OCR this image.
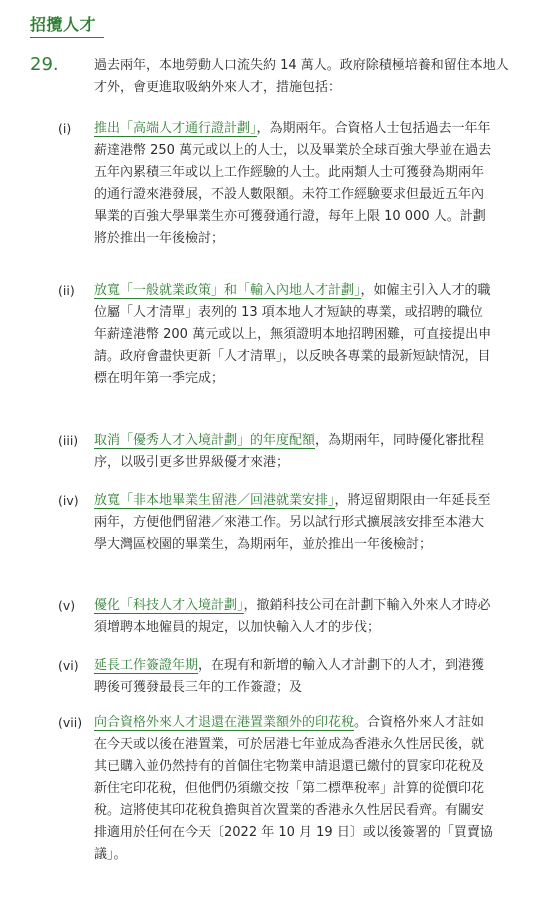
招攬人才
29.	過去兩年，本地勞動人口流失約 14 萬人。政府除積極培養和留住本地人才外，會更進取吸納外來人才，措施包括：
(i)	推出「高端人才通行證計劃」，為期兩年。合資格人士包括過去一年年薪達港幣 250 萬元或以上的人士，以及畢業於全球百強大學並在過去五年內累積三年或以上工作經驗的人士。此兩類人士可獲發為期兩年的通行證來港發展，不設人數限額。未符工作經驗要求但最近五年內畢業的百強大學畢業生亦可獲發通行證，每年上限 10 000 人。計劃將於推出一年後檢討；
(ii)	放寬「一般就業政策」和「輸入內地人才計劃」，如僱主引入人才的職位屬「人才清單」表列的 13 項本地人才短缺的專業，或招聘的職位年薪達港幣 200 萬元或以上，無須證明本地招聘困難，可直接提出申請。政府會盡快更新「人才清單」，以反映各專業的最新短缺情況，目標在明年第一季完成；
(iii)	取消「優秀人才入境計劃」的年度配額，為期兩年，同時優化審批程序，以吸引更多世界級優才來港；
(iv)	放寬「非本地畢業生留港／回港就業安排」，將逗留期限由一年延長至兩年，方便他們留港／來港工作。另以試行形式擴展該安排至本港大學大灣區校園的畢業生，為期兩年，並於推出一年後檢討；
(v)	優化「科技人才入境計劃」，撤銷科技公司在計劃下輸入外來人才時必須增聘本地僱員的規定，以加快輸入人才的步伐；
(vi)	延長工作簽證年期，在現有和新增的輸入人才計劃下的人才，到港獲聘後可獲發最長三年的工作簽證；及
(vii) 向合資格外來人才退還在港置業額外的印花稅。合資格外來人才註如在今天或以後在港置業，可於居港七年並成為香港永久性居民後，就其已購入並仍然持有的首個住宅物業申請退還已繳付的買家印花稅及新住宅印花稅，但他們仍須繳交按「第二標準稅率」計算的從價印花稅。這將使其印花稅負擔與首次置業的香港永久性居民看齊。有關安排適用於任何在今天〔2022 年 10 月 19 日〕或以後簽署的「買賣協議」。
